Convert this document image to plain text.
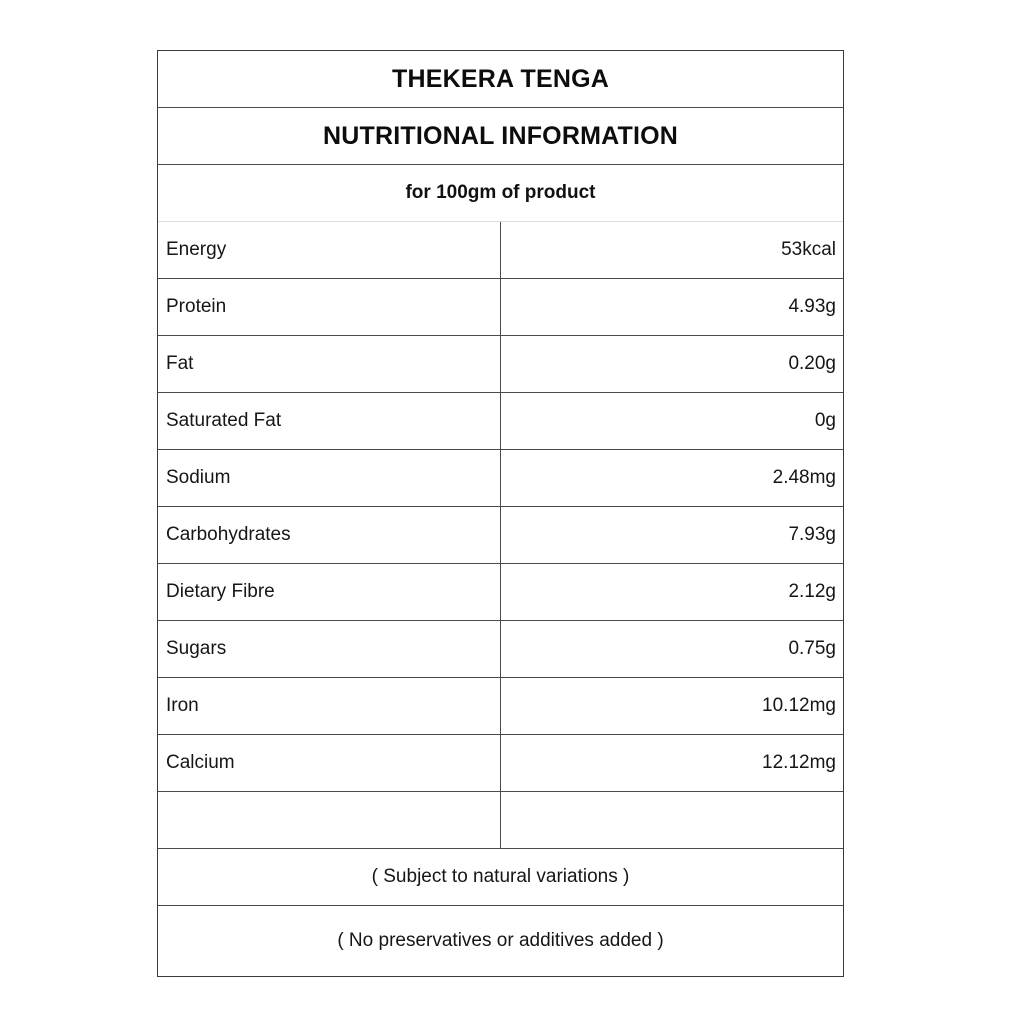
THEKERA TENGA
NUTRITIONAL INFORMATION
for 100gm of product
Energy	53kcal
Protein	4.93g
Fat	0.20g
Saturated Fat	0g
Sodium	2.48mg
Carbohydrates	7.93g
Dietary Fibre	2.12g
Sugars	0.75g
Iron	10.12mg
Calcium	12.12mg
( Subject to natural variations )
( No preservatives or additives added )
